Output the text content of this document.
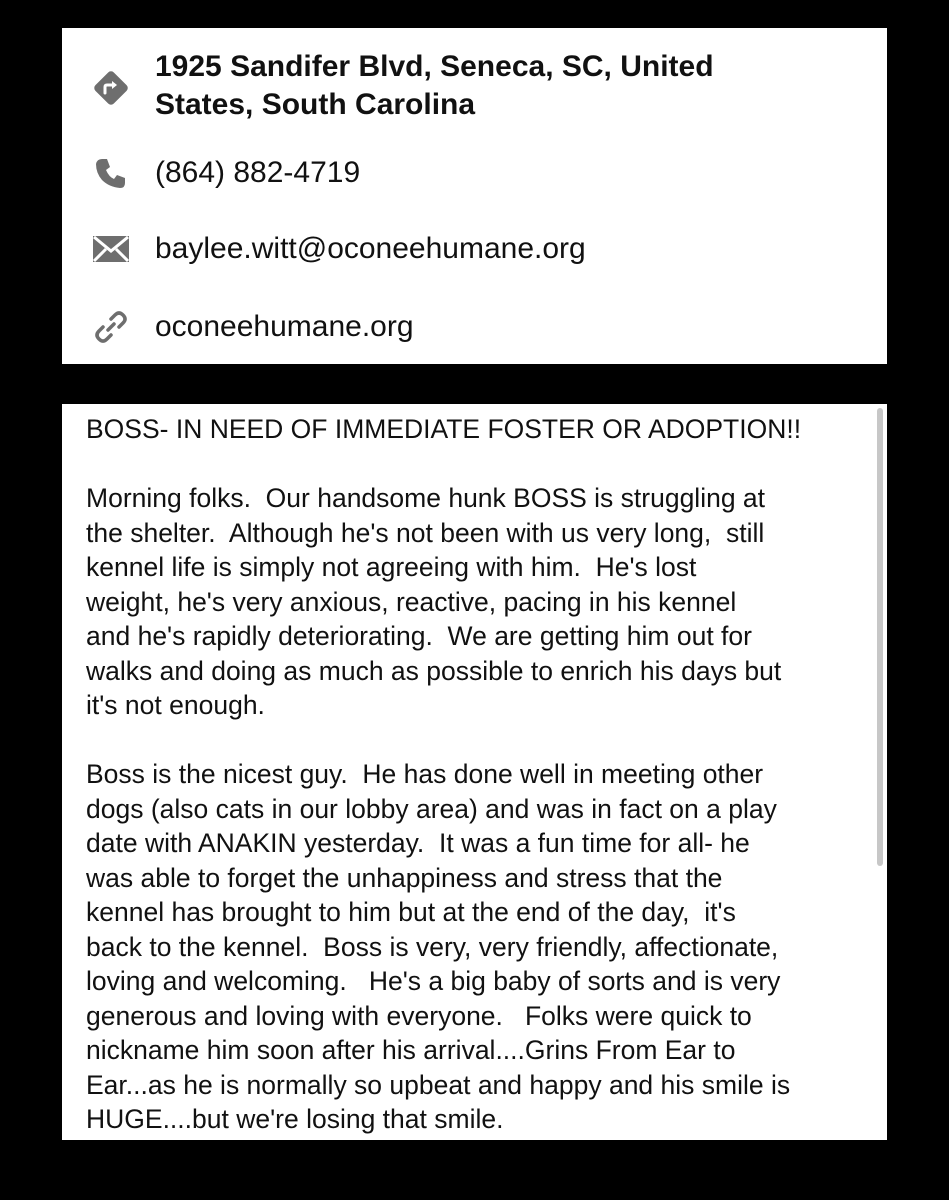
1925 Sandifer Blvd, Seneca, SC, United
States, South Carolina
(864) 882-4719
baylee.witt@oconeehumane.org
oconeehumane.org
BOSS- IN NEED OF IMMEDIATE FOSTER OR ADOPTION!!

Morning folks.  Our handsome hunk BOSS is struggling at
the shelter.  Although he's not been with us very long,  still
kennel life is simply not agreeing with him.  He's lost
weight, he's very anxious, reactive, pacing in his kennel
and he's rapidly deteriorating.  We are getting him out for
walks and doing as much as possible to enrich his days but
it's not enough.

Boss is the nicest guy.  He has done well in meeting other
dogs (also cats in our lobby area) and was in fact on a play
date with ANAKIN yesterday.  It was a fun time for all- he
was able to forget the unhappiness and stress that the
kennel has brought to him but at the end of the day,  it's
back to the kennel.  Boss is very, very friendly, affectionate,
loving and welcoming.   He's a big baby of sorts and is very
generous and loving with everyone.   Folks were quick to
nickname him soon after his arrival....Grins From Ear to
Ear...as he is normally so upbeat and happy and his smile is
HUGE....but we're losing that smile.
